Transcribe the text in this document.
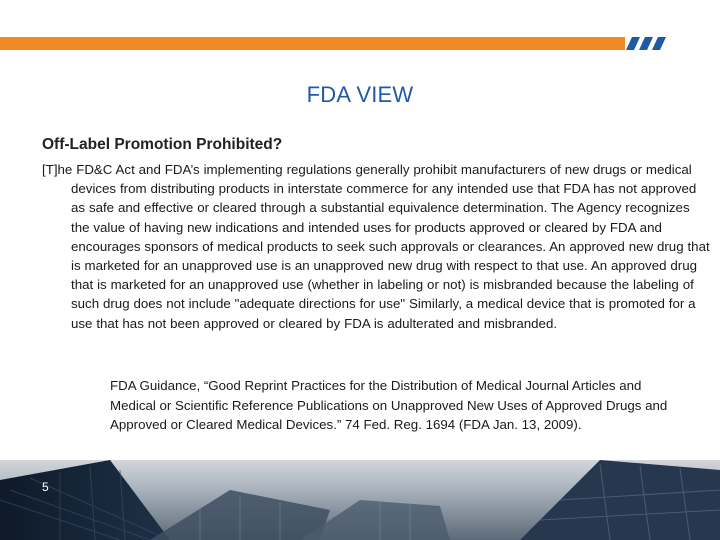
FDA VIEW
Off-Label Promotion Prohibited?
[T]he FD&C Act and FDA’s implementing regulations generally prohibit manufacturers of new drugs or medical devices from distributing products in interstate commerce for any intended use that FDA has not approved as safe and effective or cleared through a substantial equivalence determination. The Agency recognizes the value of having new indications and intended uses for products approved or cleared by FDA and encourages sponsors of medical products to seek such approvals or clearances. An approved new drug that is marketed for an unapproved use is an unapproved new drug with respect to that use. An approved drug that is marketed for an unapproved use (whether in labeling or not) is misbranded because the labeling of such drug does not include "adequate directions for use" Similarly, a medical device that is promoted for a use that has not been approved or cleared by FDA is adulterated and misbranded.
FDA Guidance, “Good Reprint Practices for the Distribution of Medical Journal Articles and Medical or Scientific Reference Publications on Unapproved New Uses of Approved Drugs and Approved or Cleared Medical Devices.” 74 Fed. Reg. 1694 (FDA Jan. 13, 2009).
5
